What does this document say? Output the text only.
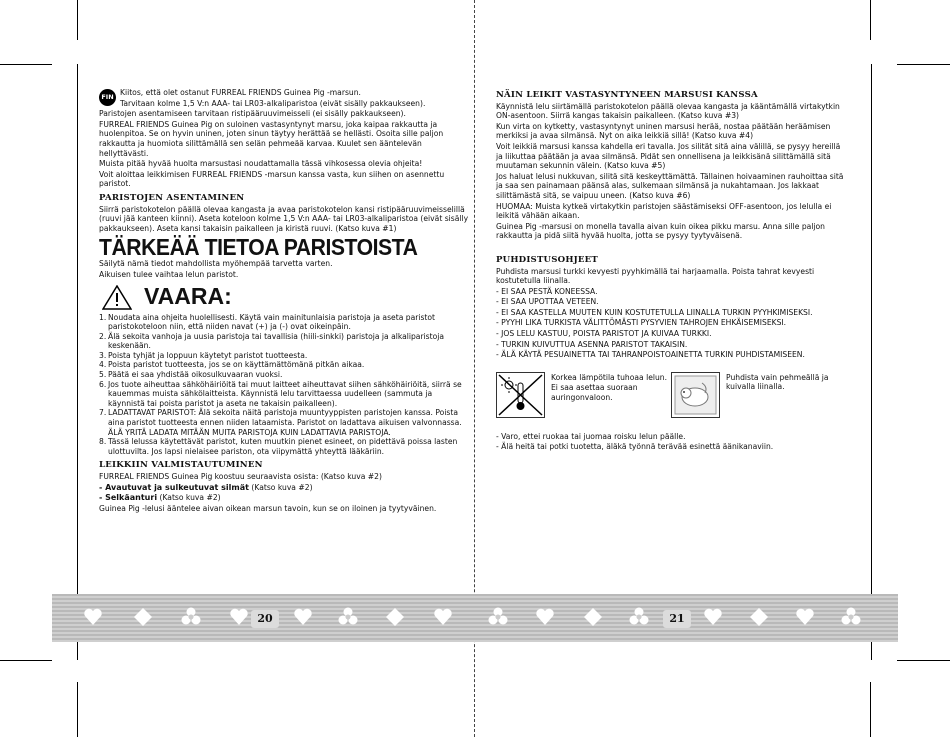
FIN Kiitos, että olet ostanut FURREAL FRIENDS Guinea Pig -marsun.

Tarvitaan kolme 1,5 V:n AAA- tai LR03-alkaliparistoa (eivät sisälly pakkaukseen).

Paristojen asentamiseen tarvitaan ristipääruuvimeisseli (ei sisälly pakkaukseen).

FURREAL FRIENDS Guinea Pig on suloinen vastasyntynyt marsu, joka kaipaa rakkautta ja huolenpitoa. Se on hyvin uninen, joten sinun täytyy herättää se hellästi. Osoita sille paljon rakkautta ja huomiota silittämällä sen selän pehmeää karvaa. Kuulet sen ääntelevän hellyttävästi.

Muista pitää hyvää huolta marsustasi noudattamalla tässä vihkosessa olevia ohjeita!

Voit aloittaa leikkimisen FURREAL FRIENDS -marsun kanssa vasta, kun siihen on asennettu paristot.

PARISTOJEN ASENTAMINEN

Siirrä paristokotelon päällä olevaa kangasta ja avaa paristokotelon kansi ristipääruuvimeisselillä (ruuvi jää kanteen kiinni). Aseta koteloon kolme 1,5 V:n AAA- tai LR03-alkaliparistoa (eivät sisälly pakkaukseen). Aseta kansi takaisin paikalleen ja kiristä ruuvi. (Katso kuva #1)

TÄRKEÄÄ TIETOA PARISTOISTA

Säilytä nämä tiedot mahdollista myöhempää tarvetta varten.

Aikuisen tulee vaihtaa lelun paristot.

VAARA:
1. Noudata aina ohjeita huolellisesti. Käytä vain mainitunlaisia paristoja ja aseta paristot paristokoteloon niin, että niiden navat (+) ja (-) ovat oikeinpäin.
2. Älä sekoita vanhoja ja uusia paristoja tai tavallisia (hiili-sinkki) paristoja ja alkaliparistoja keskenään.
3. Poista tyhjät ja loppuun käytetyt paristot tuotteesta.
4. Poista paristot tuotteesta, jos se on käyttämättömänä pitkän aikaa.
5. Päätä ei saa yhdistää oikosulkuvaaran vuoksi.
6. Jos tuote aiheuttaa sähköhäiriöitä tai muut laitteet aiheuttavat siihen sähköhäiriöitä, siirrä se kauemmas muista sähkölaitteista. Käynnistä lelu tarvittaessa uudelleen (sammuta ja käynnistä tai poista paristot ja aseta ne takaisin paikalleen).
7. LADATTAVAT PARISTOT: Älä sekoita näitä paristoja muuntyyppisten paristojen kanssa. Poista aina paristot tuotteesta ennen niiden lataamista. Paristot on ladattava aikuisen valvonnassa. ÄLÄ YRITÄ LADATA MITÄÄN MUITA PARISTOJA KUIN LADATTAVIA PARISTOJA.
8. Tässä lelussa käytettävät paristot, kuten muutkin pienet esineet, on pidettävä poissa lasten ulottuvilta. Jos lapsi nielaisee pariston, ota viipymättä yhteyttä lääkäriin.
LEIKKIIN VALMISTAUTUMINEN

FURREAL FRIENDS Guinea Pig koostuu seuraavista osista: (Katso kuva #2)

- Avautuvat ja sulkeutuvat silmät (Katso kuva #2)

- Selkäanturi (Katso kuva #2)

Guinea Pig -lelusi ääntelee aivan oikean marsun tavoin, kun se on iloinen ja tyytyväinen.

NÄIN LEIKIT VASTASYNTYNEEN MARSUSI KANSSA

Käynnistä lelu siirtämällä paristokotelon päällä olevaa kangasta ja kääntämällä virtakytkin ON-asentoon. Siirrä kangas takaisin paikalleen. (Katso kuva #3)

Kun virta on kytketty, vastasyntynyt uninen marsusi herää, nostaa päätään heräämisen merkiksi ja avaa silmänsä. Nyt on aika leikkiä sillä! (Katso kuva #4)

Voit leikkiä marsusi kanssa kahdella eri tavalla. Jos silität sitä aina välillä, se pysyy hereillä ja liikuttaa päätään ja avaa silmänsä. Pidät sen onnellisena ja leikkisänä silittämällä sitä muutaman sekunnin välein. (Katso kuva #5)

Jos haluat lelusi nukkuvan, silitä sitä keskeyttämättä. Tällainen hoivaaminen rauhoittaa sitä ja saa sen painamaan päänsä alas, sulkemaan silmänsä ja nukahtamaan. Jos lakkaat silittämästä sitä, se vaipuu uneen. (Katso kuva #6)

HUOMAA: Muista kytkeä virtakytkin paristojen säästämiseksi OFF-asentoon, jos lelulla ei leikitä vähään aikaan.

Guinea Pig -marsusi on monella tavalla aivan kuin oikea pikku marsu. Anna sille paljon rakkautta ja pidä siitä hyvää huolta, jotta se pysyy tyytyväisenä.

PUHDISTUSOHJEET

Puhdista marsusi turkki kevyesti pyyhkimällä tai harjaamalla. Poista tahrat kevyesti kostutetulla liinalla.

- EI SAA PESTÄ KONEESSA.

- EI SAA UPOTTAA VETEEN.

- EI SAA KASTELLA MUUTEN KUIN KOSTUTETULLA LIINALLA TURKIN PYYHKIMISEKSI.

- PYYHI LIKA TURKISTA VÄLITTÖMÄSTI PYSYVIEN TAHROJEN EHKÄISEMISEKSI.

- JOS LELU KASTUU, POISTA PARISTOT JA KUIVAA TURKKI.

- TURKIN KUIVUTTUA ASENNA PARISTOT TAKAISIN.

- ÄLÄ KÄYTÄ PESUAINETTA TAI TAHRANPOISTOAINETTA TURKIN PUHDISTAMISEEN.

Korkea lämpötila tuhoaa lelun.

Ei saa asettaa suoraan auringonvaloon.

Puhdista vain pehmeällä ja kuivalla liinalla.

- Varo, ettei ruokaa tai juomaa roisku lelun päälle.

- Älä heitä tai potki tuotetta, äläkä työnnä terävää esinettä äänikanaviin.

20	21
